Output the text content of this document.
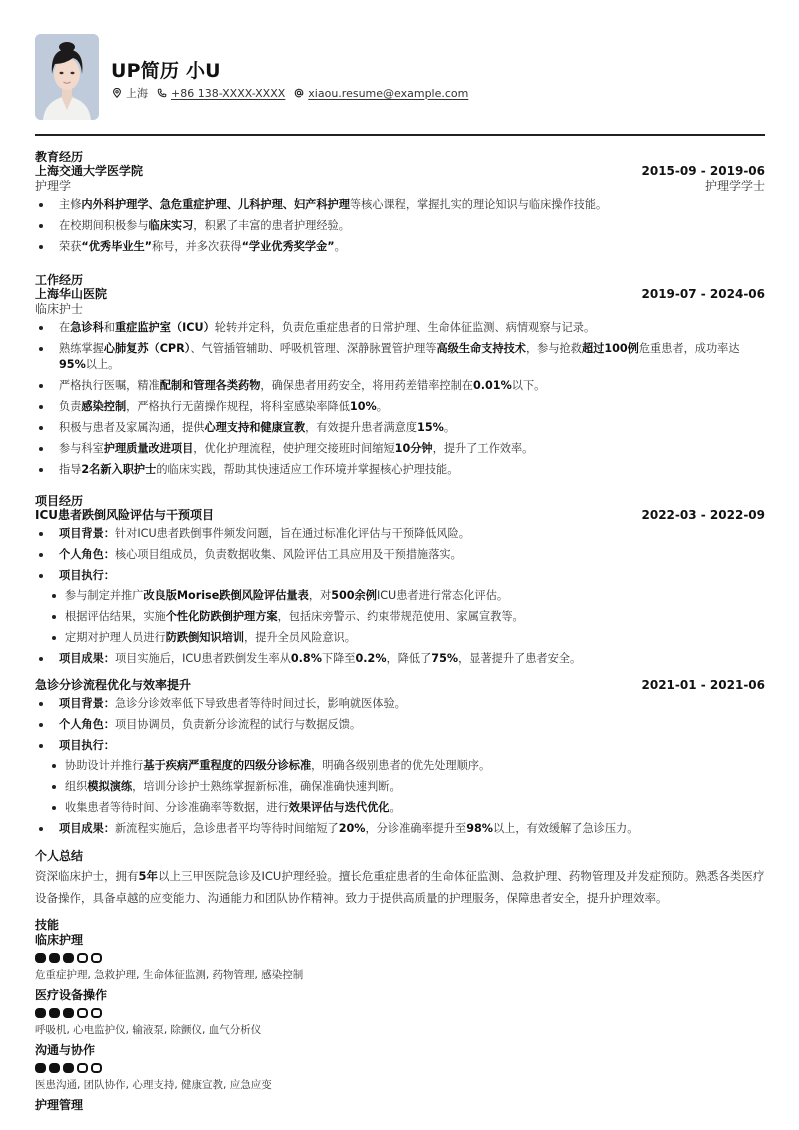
UP简历 小U
上海 +86 138-XXXX-XXXX xiaou.resume@example.com
教育经历
上海交通大学医学院	2015-09 - 2019-06
护理学	护理学学士
主修内外科护理学、急危重症护理、儿科护理、妇产科护理等核心课程，掌握扎实的理论知识与临床操作技能。
在校期间积极参与临床实习，积累了丰富的患者护理经验。
荣获“优秀毕业生”称号，并多次获得“学业优秀奖学金”。
工作经历
上海华山医院	2019-07 - 2024-06
临床护士
在急诊科和重症监护室（ICU）轮转并定科，负责危重症患者的日常护理、生命体征监测、病情观察与记录。
熟练掌握心肺复苏（CPR）、气管插管辅助、呼吸机管理、深静脉置管护理等高级生命支持技术，参与抢救超过100例危重患者，成功率达95%以上。
严格执行医嘱，精准配制和管理各类药物，确保患者用药安全，将用药差错率控制在0.01%以下。
负责感染控制，严格执行无菌操作规程，将科室感染率降低10%。
积极与患者及家属沟通，提供心理支持和健康宣教，有效提升患者满意度15%。
参与科室护理质量改进项目，优化护理流程，使护理交接班时间缩短10分钟，提升了工作效率。
指导2名新入职护士的临床实践，帮助其快速适应工作环境并掌握核心护理技能。
项目经历
ICU患者跌倒风险评估与干预项目	2022-03 - 2022-09
项目背景：针对ICU患者跌倒事件频发问题，旨在通过标准化评估与干预降低风险。
个人角色：核心项目组成员，负责数据收集、风险评估工具应用及干预措施落实。
项目执行：
参与制定并推广改良版Morise跌倒风险评估量表，对500余例ICU患者进行常态化评估。
根据评估结果，实施个性化防跌倒护理方案，包括床旁警示、约束带规范使用、家属宣教等。
定期对护理人员进行防跌倒知识培训，提升全员风险意识。
项目成果：项目实施后，ICU患者跌倒发生率从0.8%下降至0.2%，降低了75%，显著提升了患者安全。
急诊分诊流程优化与效率提升	2021-01 - 2021-06
项目背景：急诊分诊效率低下导致患者等待时间过长，影响就医体验。
个人角色：项目协调员，负责新分诊流程的试行与数据反馈。
项目执行：
协助设计并推行基于疾病严重程度的四级分诊标准，明确各级别患者的优先处理顺序。
组织模拟演练，培训分诊护士熟练掌握新标准，确保准确快速判断。
收集患者等待时间、分诊准确率等数据，进行效果评估与迭代优化。
项目成果：新流程实施后，急诊患者平均等待时间缩短了20%，分诊准确率提升至98%以上，有效缓解了急诊压力。
个人总结

资深临床护士，拥有5年以上三甲医院急诊及ICU护理经验。擅长危重症患者的生命体征监测、急救护理、药物管理及并发症预防。熟悉各类医疗设备操作，具备卓越的应变能力、沟通能力和团队协作精神。致力于提供高质量的护理服务，保障患者安全，提升护理效率。

技能
临床护理
危重症护理, 急救护理, 生命体征监测, 药物管理, 感染控制
医疗设备操作
呼吸机, 心电监护仪, 输液泵, 除颤仪, 血气分析仪
沟通与协作
医患沟通, 团队协作, 心理支持, 健康宣教, 应急应变
护理管理
